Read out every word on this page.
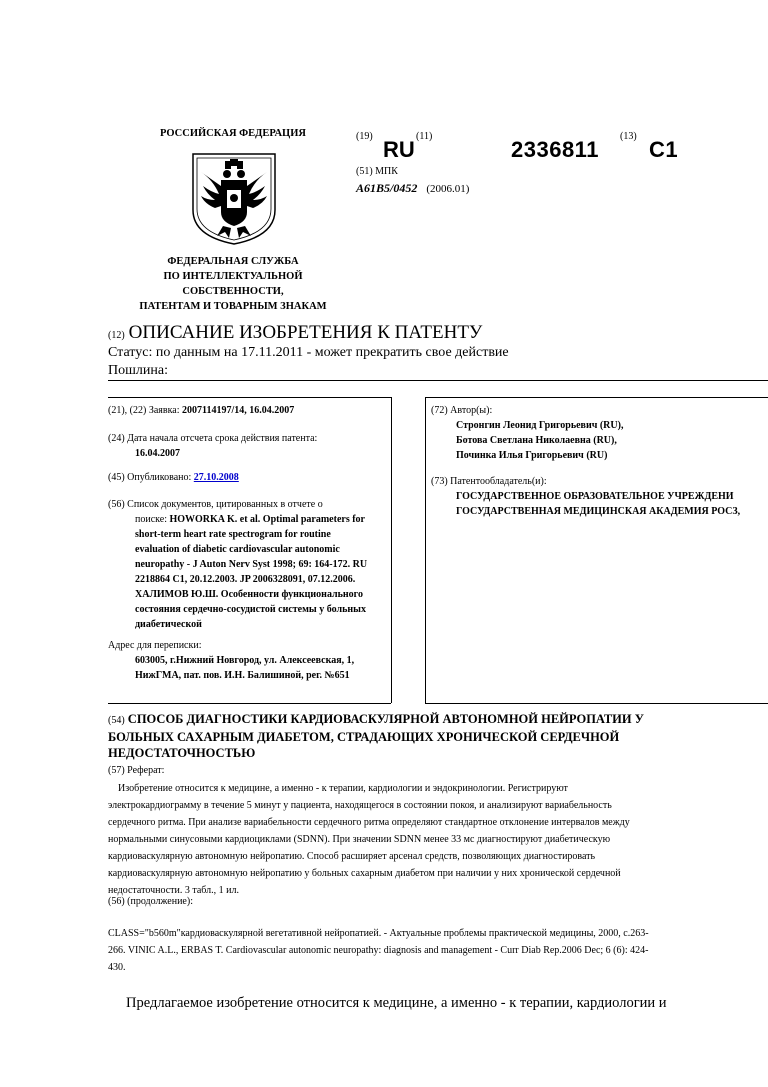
РОССИЙСКАЯ ФЕДЕРАЦИЯ
ФЕДЕРАЛЬНАЯ СЛУЖБА
ПО ИНТЕЛЛЕКТУАЛЬНОЙ
СОБСТВЕННОСТИ,
ПАТЕНТАМ И ТОВАРНЫМ ЗНАКАМ
(19)
RU
(11)
2336811
(13)
C1
(51) МПК
A61B5/0452 (2006.01)
(12) ОПИСАНИЕ ИЗОБРЕТЕНИЯ К ПАТЕНТУ
Статус: по данным на 17.11.2011 - может прекратить свое действие
Пошлина:
(21), (22) Заявка: 2007114197/14, 16.04.2007
(24) Дата начала отсчета срока действия патента:
16.04.2007
(45) Опубликовано: 27.10.2008
(56) Список документов, цитированных в отчете о
поиске: HOWORKA K. et al. Optimal parameters for
short-term heart rate spectrogram for routine
evaluation of diabetic cardiovascular autonomic
neuropathy - J Auton Nerv Syst 1998; 69: 164-172. RU
2218864 C1, 20.12.2003. JP 2006328091, 07.12.2006.
ХАЛИМОВ Ю.Ш. Особенности функционального
состояния сердечно-сосудистой системы у больных
диабетической
Адрес для переписки:
603005, г.Нижний Новгород, ул. Алексеевская, 1,
НижГМА, пат. пов. И.Н. Балишиной, рег. №651
(72) Автор(ы):
Стронгин Леонид Григорьевич (RU),
Ботова Светлана Николаевна (RU),
Починка Илья Григорьевич (RU)
(73) Патентообладатель(и):
ГОСУДАРСТВЕННОЕ ОБРАЗОВАТЕЛЬНОЕ УЧРЕЖДЕНИ
ГОСУДАРСТВЕННАЯ МЕДИЦИНСКАЯ АКАДЕМИЯ РОСЗ,
(54) СПОСОБ ДИАГНОСТИКИ КАРДИОВАСКУЛЯРНОЙ АВТОНОМНОЙ НЕЙРОПАТИИ У
БОЛЬНЫХ САХАРНЫМ ДИАБЕТОМ, СТРАДАЮЩИХ ХРОНИЧЕСКОЙ СЕРДЕЧНОЙ
НЕДОСТАТОЧНОСТЬЮ
(57) Реферат:
Изобретение относится к медицине, а именно - к терапии, кардиологии и эндокринологии. Регистрируют
электрокардиограмму в течение 5 минут у пациента, находящегося в состоянии покоя, и анализируют вариабельность
сердечного ритма. При анализе вариабельности сердечного ритма определяют стандартное отклонение интервалов между
нормальными синусовыми кардиоциклами (SDNN). При значении SDNN менее 33 мс диагностируют диабетическую
кардиоваскулярную автономную нейропатию. Способ расширяет арсенал средств, позволяющих диагностировать
кардиоваскулярную автономную нейропатию у больных сахарным диабетом при наличии у них хронической сердечной
недостаточности. 3 табл., 1 ил.
(56) (продолжение):
CLASS="b560m"кардиоваскулярной вегетативной нейропатией. - Актуальные проблемы практической медицины, 2000, с.263-
266. VINIC A.L., ERBAS T. Cardiovascular autonomic neuropathy: diagnosis and management - Curr Diab Rep.2006 Dec; 6 (6): 424-
430.
Предлагаемое изобретение относится к медицине, а именно - к терапии, кардиологии и
